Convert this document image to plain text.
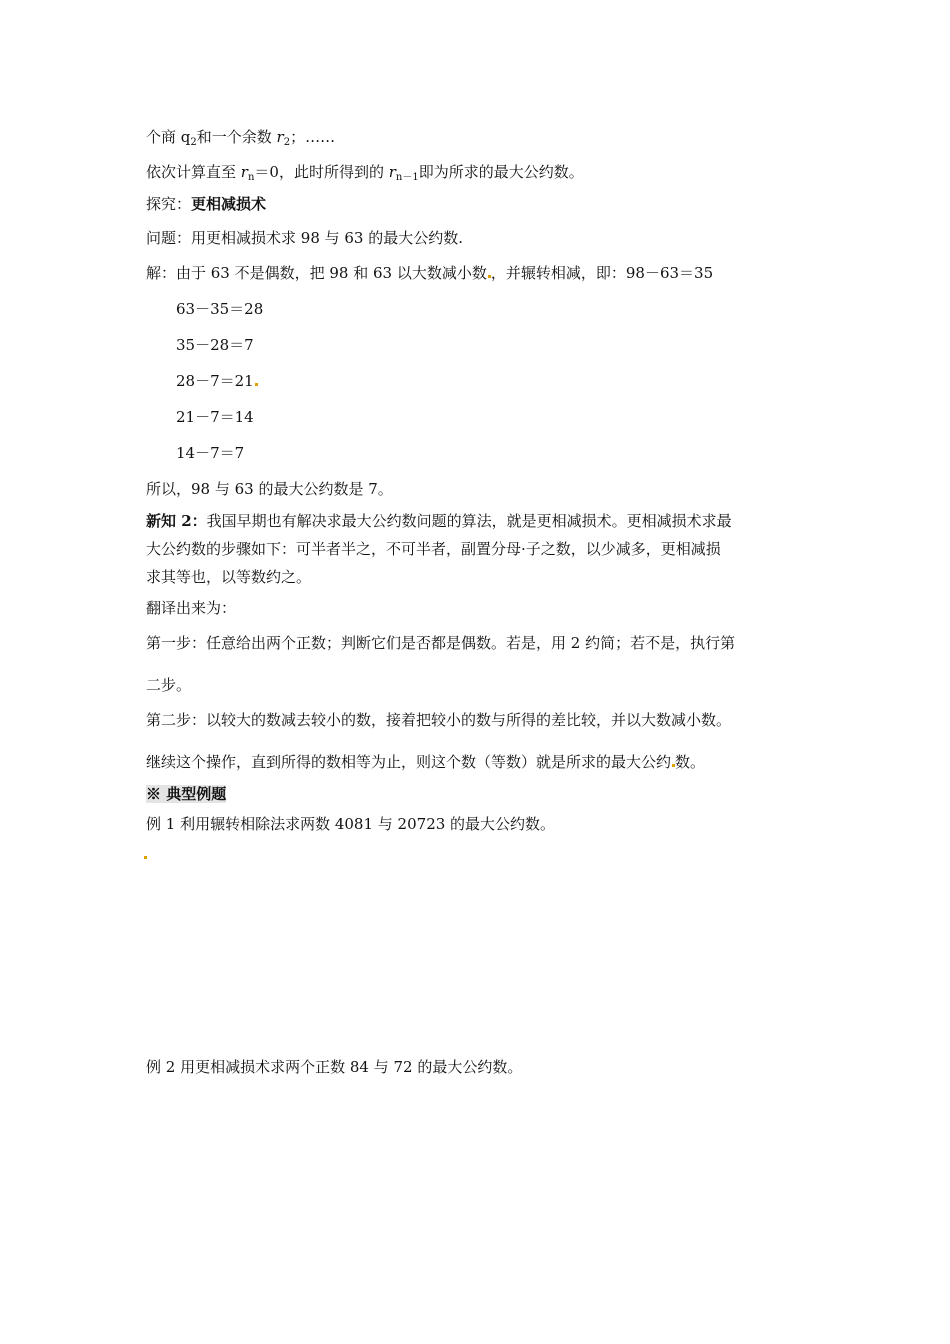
个商 $q_2$和一个余数 $r_2$；……
依次计算直至 $r_n=0$，此时所得到的 $r_{n-1}$即为所求的最大公约数。
探究：更相减损术
问题：用更相减损术求 98 与 63 的最大公约数.
解：由于 63 不是偶数，把 98 和 63 以大数减小数 ，并辗转相减，即：98－63＝35
63－35＝28
35－28＝7
28－7＝21
21－7＝14
14－7＝7
所以，98 与 63 的最大公约数是 7。
新知 2：我国早期也有解决求最大公约数问题的算法，就是更相减损术。更相减损术求最
大公约数的步骤如下：可半者半之，不可半者，副置分母·子之数，以少减多，更相减损
求其等也，以等数约之。
翻译出来为：
第一步：任意给出两个正数；判断它们是否都是偶数。若是，用 2 约简；若不是，执行第
二步。
第二步：以较大的数减去较小的数，接着把较小的数与所得的差比较，并以大数减小数。
继续这个操作，直到所得的数相等为止，则这个数（等数）就是所求的最大公约 数。
※ 典型例题
例 1 利用辗转相除法求两数 4081 与 20723 的最大公约数。
例 2 用更相减损术求两个正数 84 与 72 的最大公约数。
